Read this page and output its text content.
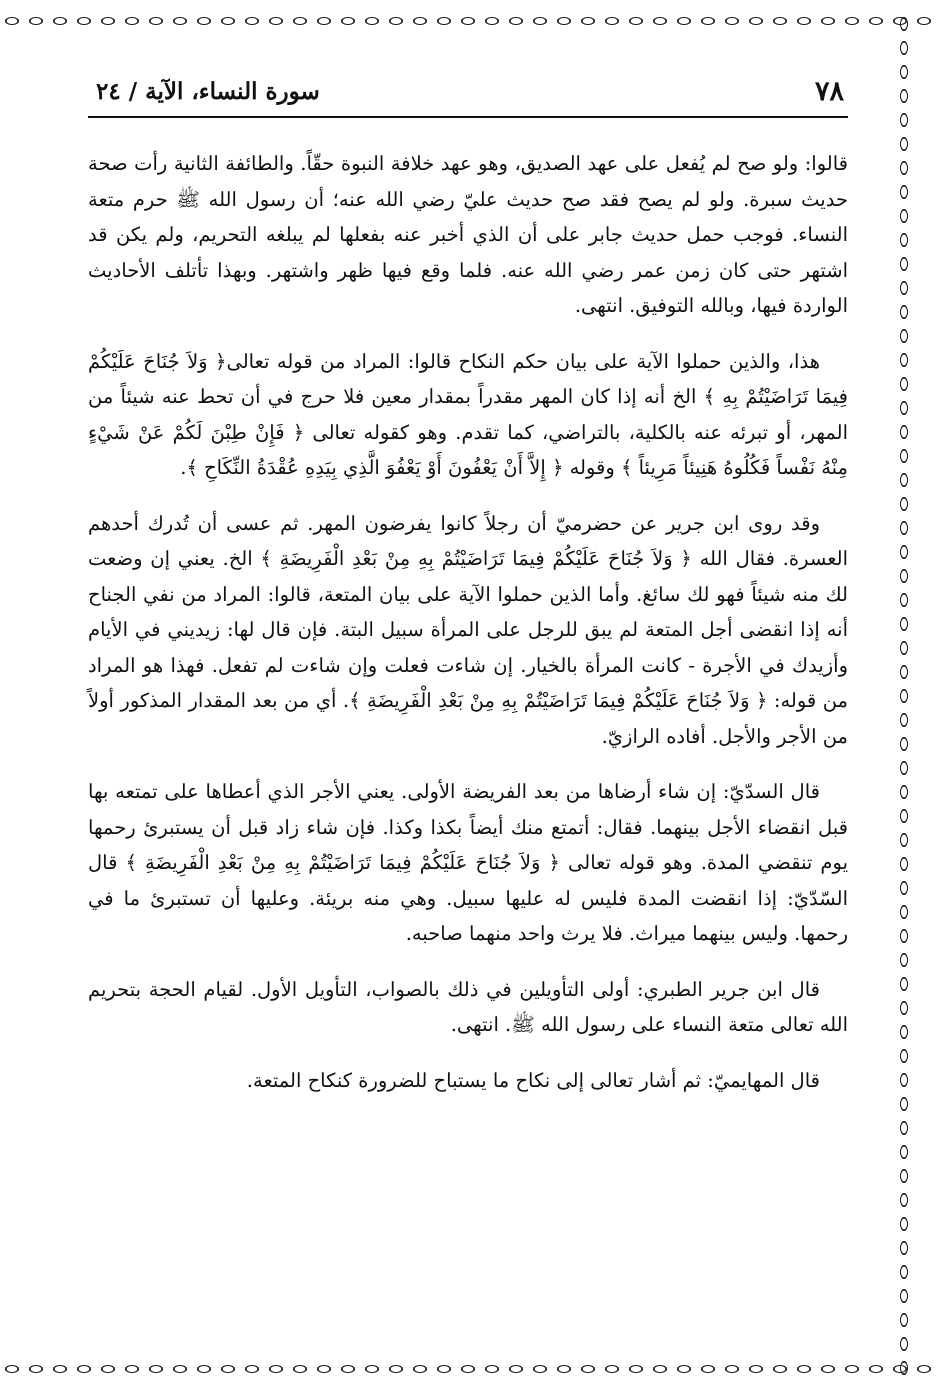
٧٨
سورة النساء، الآية / ٢٤

قالوا: ولو صح لم يُفعل على عهد الصديق، وهو عهد خلافة النبوة حقّاً. والطائفة الثانية رأت صحة حديث سبرة. ولو لم يصح فقد صح حديث عليّ رضي الله عنه؛ أن رسول الله ﷺ حرم متعة النساء. فوجب حمل حديث جابر على أن الذي أخبر عنه بفعلها لم يبلغه التحريم، ولم يكن قد اشتهر حتى كان زمن عمر رضي الله عنه. فلما وقع فيها ظهر واشتهر. وبهذا تأتلف الأحاديث الواردة فيها، وبالله التوفيق. انتهى.

هذا، والذين حملوا الآية على بيان حكم النكاح قالوا: المراد من قوله تعالى﴿ وَلاَ جُنَاحَ عَلَيْكُمْ فِيمَا تَرَاضَيْتُمْ بِهِ ﴾ الخ أنه إذا كان المهر مقدراً بمقدار معين فلا حرج في أن تحط عنه شيئاً من المهر، أو تبرئه عنه بالكلية، بالتراضي، كما تقدم. وهو كقوله تعالى ﴿ فَإِنْ طِبْنَ لَكُمْ عَنْ شَيْءٍ مِنْهُ نَفْساً فَكُلُوهُ هَنِيئاً مَرِيئاً ﴾ وقوله ﴿ إِلاَّ أَنْ يَعْفُونَ أَوْ يَعْفُوَ الَّذِي بِيَدِهِ عُقْدَةُ النِّكَاحِ ﴾.

وقد روى ابن جرير عن حضرميّ أن رجلاً كانوا يفرضون المهر. ثم عسى أن تُدرك أحدهم العسرة. فقال الله ﴿ وَلاَ جُنَاحَ عَلَيْكُمْ فِيمَا تَرَاضَيْتُمْ بِهِ مِنْ بَعْدِ الْفَرِيضَةِ ﴾ الخ. يعني إن وضعت لك منه شيئاً فهو لك سائغ. وأما الذين حملوا الآية على بيان المتعة، قالوا: المراد من نفي الجناح أنه إذا انقضى أجل المتعة لم يبق للرجل على المرأة سبيل البتة. فإن قال لها: زيديني في الأيام وأزيدك في الأجرة - كانت المرأة بالخيار. إن شاءت فعلت وإن شاءت لم تفعل. فهذا هو المراد من قوله: ﴿ وَلاَ جُنَاحَ عَلَيْكُمْ فِيمَا تَرَاضَيْتُمْ بِهِ مِنْ بَعْدِ الْفَرِيضَةِ ﴾. أي من بعد المقدار المذكور أولاً من الأجر والأجل. أفاده الرازيّ.

قال السدّيّ: إن شاء أرضاها من بعد الفريضة الأولى. يعني الأجر الذي أعطاها على تمتعه بها قبل انقضاء الأجل بينهما. فقال: أتمتع منك أيضاً بكذا وكذا. فإن شاء زاد قبل أن يستبرئ رحمها يوم تنقضي المدة. وهو قوله تعالى ﴿ وَلاَ جُنَاحَ عَلَيْكُمْ فِيمَا تَرَاضَيْتُمْ بِهِ مِنْ بَعْدِ الْفَرِيضَةِ ﴾ قال السّدّيّ: إذا انقضت المدة فليس له عليها سبيل. وهي منه بريئة. وعليها أن تستبرئ ما في رحمها. وليس بينهما ميراث. فلا يرث واحد منهما صاحبه.

قال ابن جرير الطبري: أولى التأويلين في ذلك بالصواب، التأويل الأول. لقيام الحجة بتحريم الله تعالى متعة النساء على رسول الله ﷺ. انتهى.

قال المهايميّ: ثم أشار تعالى إلى نكاح ما يستباح للضرورة كنكاح المتعة.
